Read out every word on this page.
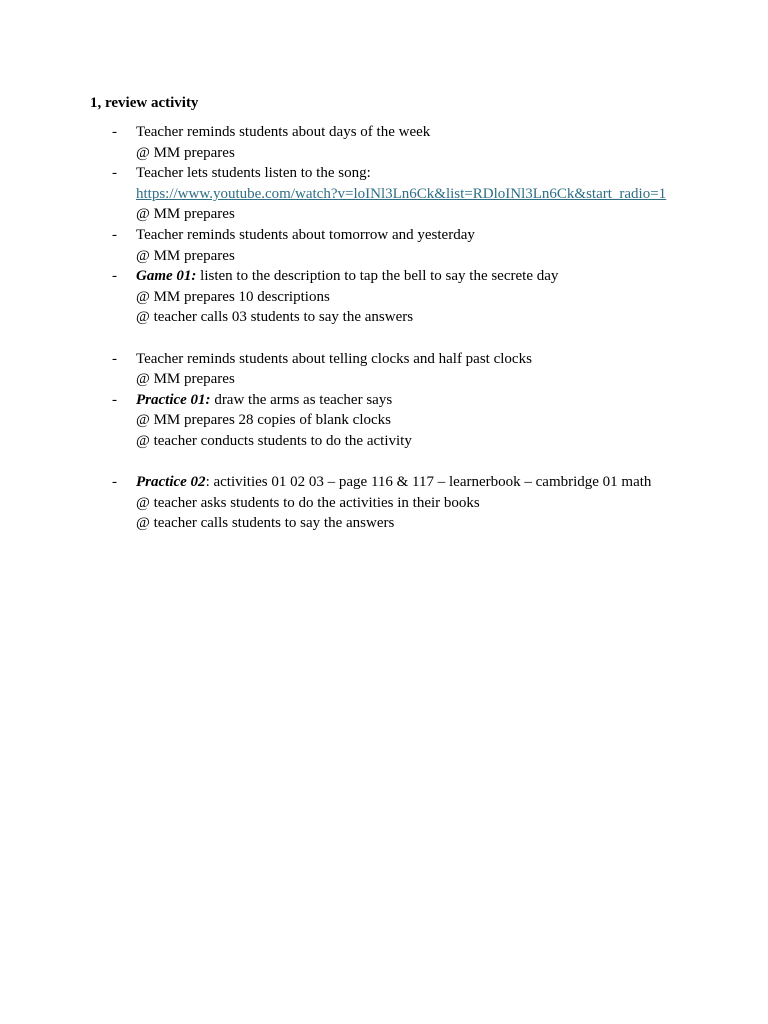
1, review activity
- Teacher reminds students about days of the week
@ MM prepares
- Teacher lets students listen to the song:
https://www.youtube.com/watch?v=loINl3Ln6Ck&list=RDloINl3Ln6Ck&start_radio=1
@ MM prepares
- Teacher reminds students about tomorrow and yesterday
@ MM prepares
- Game 01: listen to the description to tap the bell to say the secrete day
@ MM prepares 10 descriptions
@ teacher calls 03 students to say the answers
- Teacher reminds students about telling clocks and half past clocks
@ MM prepares
- Practice 01: draw the arms as teacher says
@ MM prepares 28 copies of blank clocks
@ teacher conducts students to do the activity
- Practice 02: activities 01 02 03 – page 116 & 117 – learnerbook – cambridge 01 math
@ teacher asks students to do the activities in their books
@ teacher calls students to say the answers
